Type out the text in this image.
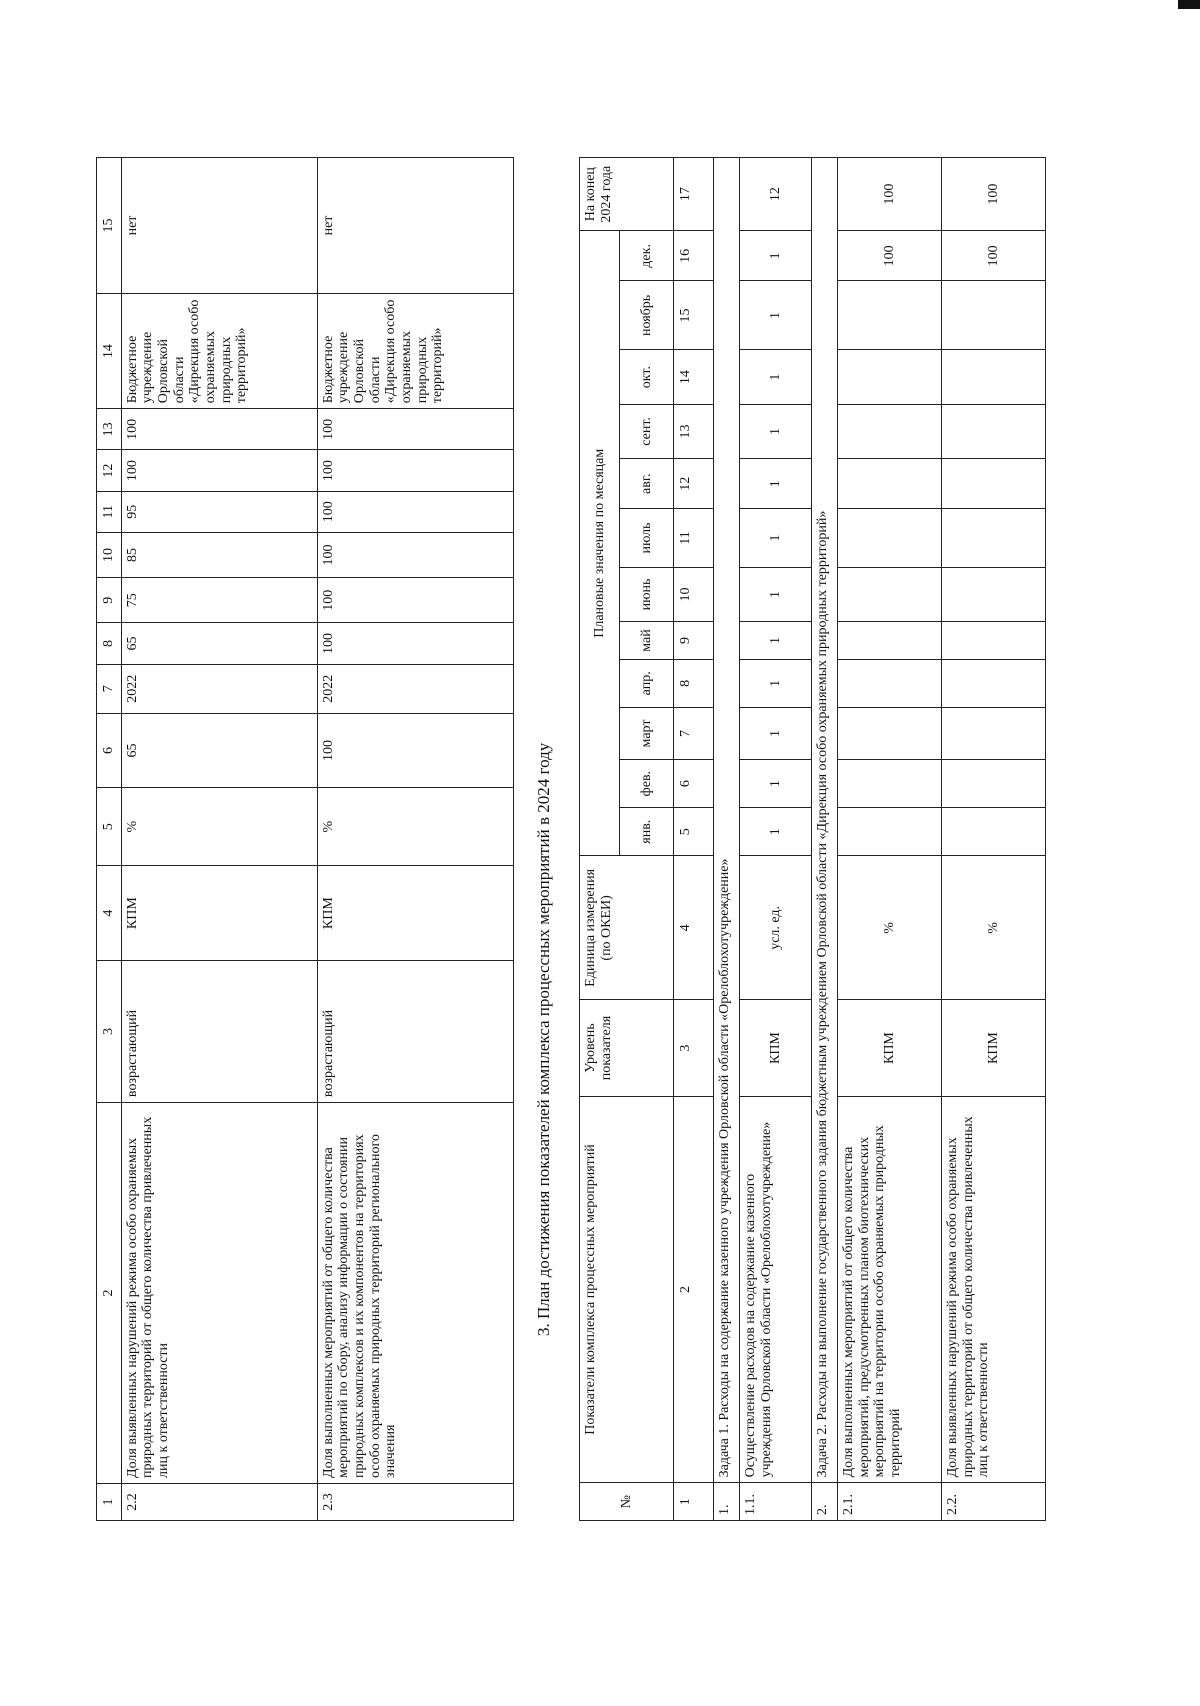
1	2	3	4	5	6	7	8	9	10	11	12	13	14	15
2.2	Доля выявленных нарушений режима особо охраняемых природных территорий от общего количества привлеченных лиц к ответственности	возрастающий	КПМ	%	65	2022	65	75	85	95	100	100	Бюджетное учреждение Орловской области «Дирекция особо охраняемых природных территорий»	нет
2.3	Доля выполненных мероприятий от общего количества мероприятий по сбору, анализу информации о состоянии природных комплексов и их компонентов на территориях особо охраняемых природных территорий регионального значения	возрастающий	КПМ	%	100	2022	100	100	100	100	100	100	Бюджетное учреждение Орловской области «Дирекция особо охраняемых природных территорий»	нет
3. План достижения показателей комплекса процессных мероприятий в 2024 году
№	Показатели комплекса процессных мероприятий	Уровень показателя	Единица измерения (по ОКЕИ)	Плановые значения по месяцам												На конец 2024 года
				янв.	фев.	март	апр.	май	июнь	июль	авг.	сент.	окт.	ноябрь	дек.	
1	2	3	4	5	6	7	8	9	10	11	12	13	14	15	16	17
1.	Задача 1. Расходы на содержание казенного учреждения Орловской области «Орелоблохотучреждение»															
1.1.	Осуществление расходов на содержание казенного учреждения Орловской области «Орелоблохотучреждение»	КПМ	усл. ед.	1	1	1	1	1	1	1	1	1	1	1	1	12
2.	Задача 2. Расходы на выполнение государственного задания бюджетным учреждением Орловской области «Дирекция особо охраняемых природных территорий»															
2.1.	Доля выполненных мероприятий от общего количества мероприятий, предусмотренных планом биотехнических мероприятий на территории особо охраняемых природных территорий	КПМ	%												100	100
2.2.	Доля выявленных нарушений режима особо охраняемых природных территорий от общего количества привлеченных лиц к ответственности	КПМ	%												100	100
